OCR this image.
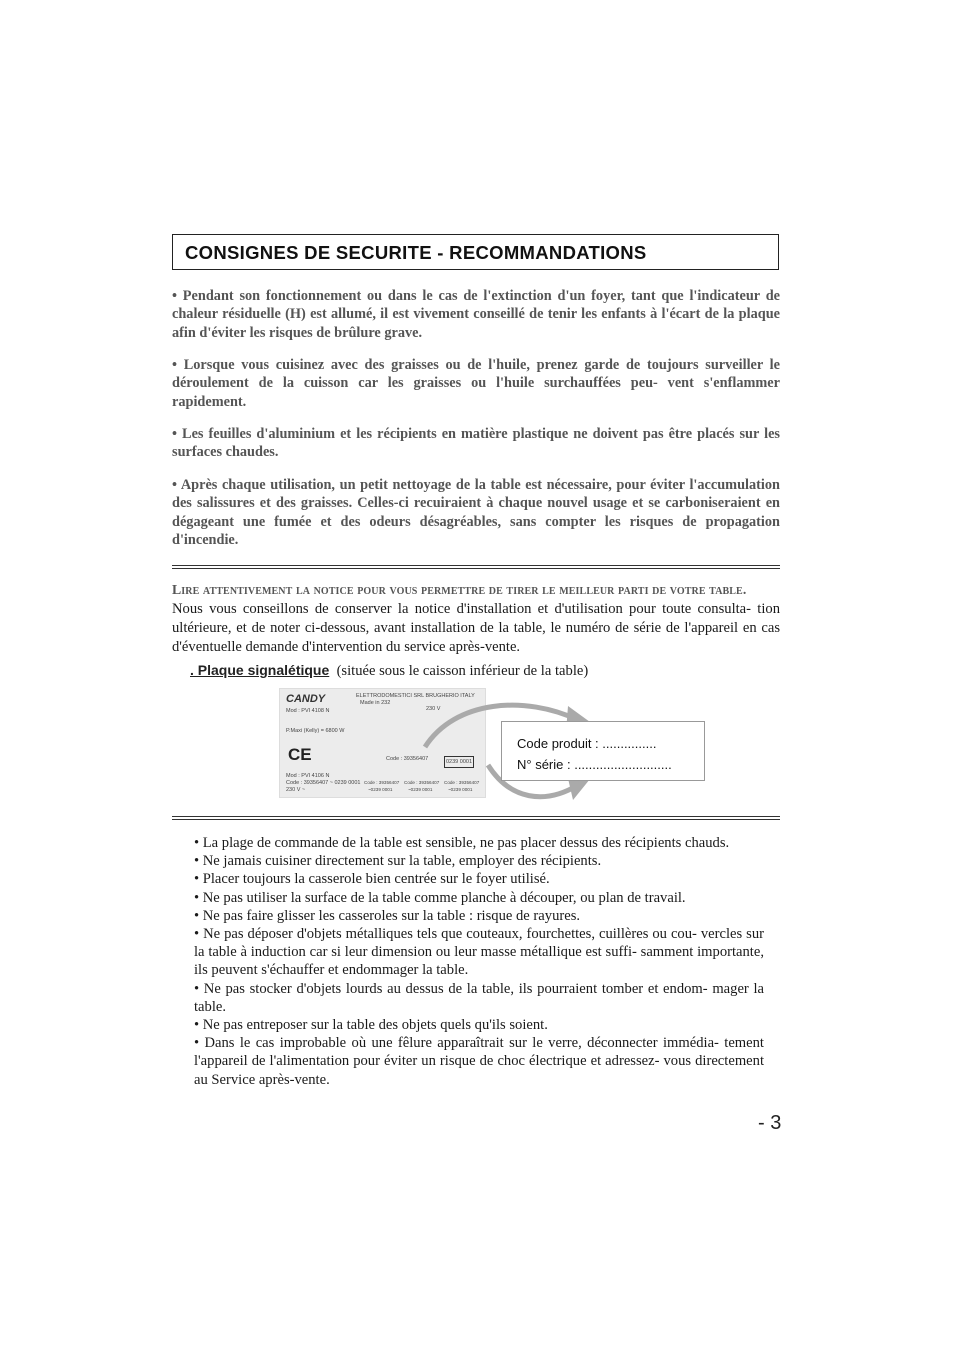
CONSIGNES DE SECURITE - RECOMMANDATIONS

• Pendant son fonctionnement ou dans le cas de l'extinction d'un foyer, tant que l'indicateur de chaleur résiduelle (H) est allumé, il est vivement conseillé de tenir les enfants à l'écart de la plaque afin d'éviter les risques de brûlure grave.

• Lorsque vous cuisinez avec des graisses ou de l'huile, prenez garde de toujours surveiller le déroulement de la cuisson car les graisses ou l'huile surchauffées peu- vent s'enflammer rapidement.

• Les feuilles d'aluminium et les récipients en matière plastique ne doivent pas être placés sur les surfaces chaudes.

• Après chaque utilisation, un petit nettoyage de la table est nécessaire, pour éviter l'accumulation des salissures et des graisses. Celles-ci recuiraient à chaque nouvel usage et se carboniseraient en dégageant une fumée et des odeurs désagréables, sans compter les risques de propagation d'incendie.

Lire attentivement la notice pour vous permettre de tirer le meilleur parti de votre table.
Nous vous conseillons de conserver la notice d'installation et d'utilisation pour toute consulta- tion ultérieure, et de noter ci-dessous, avant installation de la table, le numéro de série de l'appareil en cas d'éventuelle demande d'intervention du service après-vente.

. Plaque signalétique (située sous le caisson inférieur de la table)
CANDY	ELETTRODOMESTICI SRL BRUGHERIO ITALY
Made in 232
Mod : PVI 4108 N	230 V
P.Maxi (Kelly) = 6800 W
CE	Code : 39356407	0239 0001
Mod : PVI 4106 N
Code : 39356407 ~ 0239 0001
230 V ~
Code : 39356407
~0239 0001
Code : 39356407
~0239 0001
Code : 39356407
~0239 0001
Code produit : ...............
N° série : ...........................
• La plage de commande de la table est sensible, ne pas placer dessus des récipients chauds.
• Ne jamais cuisiner directement sur la table, employer des récipients.
• Placer toujours la casserole bien centrée sur le foyer utilisé.
• Ne pas utiliser la surface de la table comme planche à découper, ou plan de travail.
• Ne pas faire glisser les casseroles sur la table : risque de rayures.
• Ne pas déposer d'objets métalliques tels que couteaux, fourchettes, cuillères ou cou- vercles sur la table à induction car si leur dimension ou leur masse métallique est suffi- samment importante, ils peuvent s'échauffer et endommager la table.
• Ne pas stocker d'objets lourds au dessus de la table, ils pourraient tomber et endom- mager la table.
• Ne pas entreposer sur la table des objets quels qu'ils soient.
• Dans le cas improbable où une fêlure apparaîtrait sur le verre, déconnecter immédia- tement l'appareil de l'alimentation pour éviter un risque de choc électrique et adressez- vous directement au Service après-vente.
- 3
